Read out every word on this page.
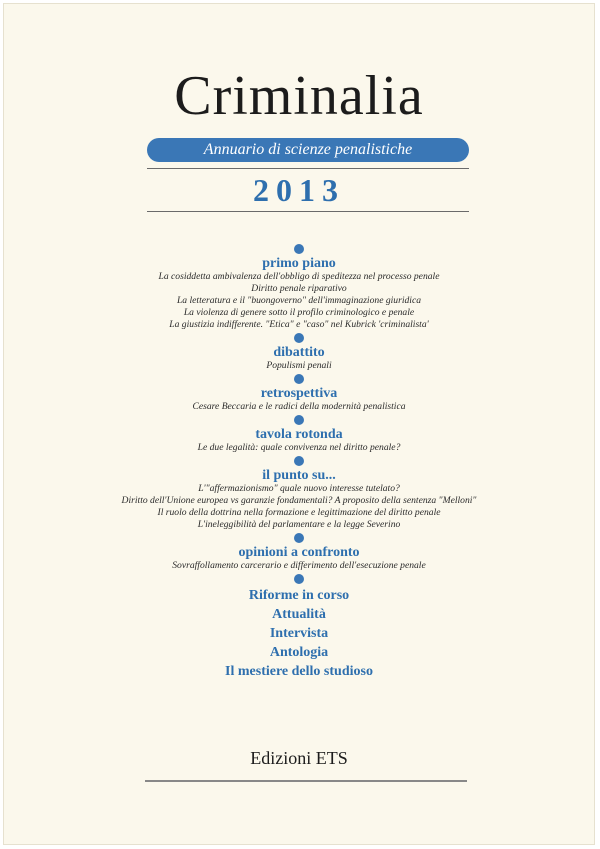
Criminalia
Annuario di scienze penalistiche
2013
primo piano
La cosiddetta ambivalenza dell'obbligo di speditezza nel processo penale
Diritto penale riparativo
La letteratura e il "buongoverno" dell'immaginazione giuridica
La violenza di genere sotto il profilo criminologico e penale
La giustizia indifferente. "Etica" e "caso" nel Kubrick 'criminalista'
dibattito
Populismi penali
retrospettiva
Cesare Beccaria e le radici della modernità penalistica
tavola rotonda
Le due legalità: quale convivenza nel diritto penale?
il punto su...
L'"affermazionismo" quale nuovo interesse tutelato?
Diritto dell'Unione europea vs garanzie fondamentali? A proposito della sentenza "Melloni"
Il ruolo della dottrina nella formazione e legittimazione del diritto penale
L'ineleggibilità del parlamentare e la legge Severino
opinioni a confronto
Sovraffollamento carcerario e differimento dell'esecuzione penale
Riforme in corso
Attualità
Intervista
Antologia
Il mestiere dello studioso
Edizioni ETS
